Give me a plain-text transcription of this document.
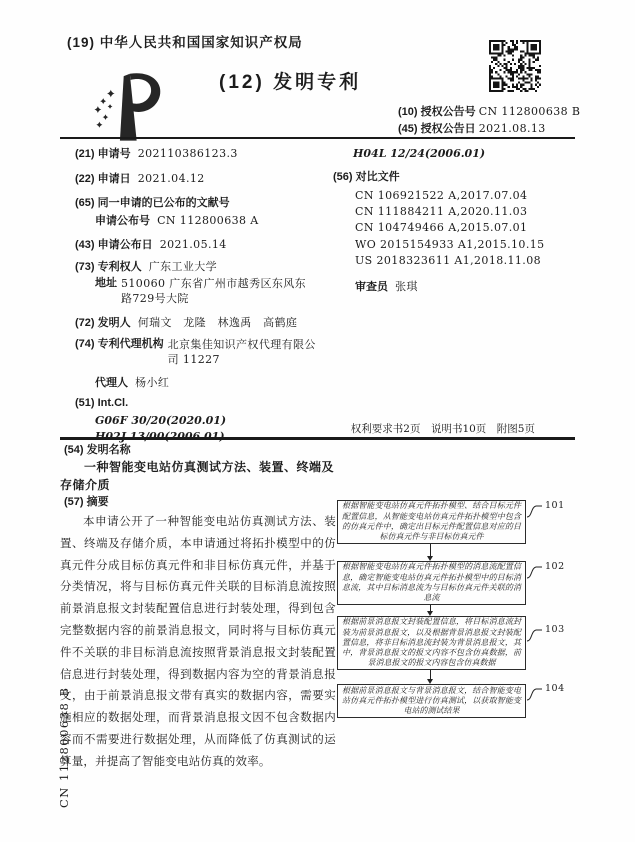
(19) 中华人民共和国国家知识产权局
(12) 发明专利
(10) 授权公告号 CN 112800638 B
(45) 授权公告日 2021.08.13
(21) 申请号 202110386123.3
(22) 申请日 2021.04.12
(65) 同一申请的已公布的文献号
申请公布号 CN 112800638 A
(43) 申请公布日 2021.05.14
(73) 专利权人 广东工业大学
地址 510060 广东省广州市越秀区东风东路729号大院
(72) 发明人 何瑞文　龙隆　林逸禹　高鹤庭
(74) 专利代理机构 北京集佳知识产权代理有限公司 11227
代理人 杨小红
(51) Int.Cl.
G06F 30/20(2020.01)
H04L 12/24(2006.01)
(56) 对比文件
CN 106921522 A,2017.07.04
CN 111884211 A,2020.11.03
CN 104749466 A,2015.07.01
WO 2015154933 A1,2015.10.15
US 2018323611 A1,2018.11.08
审查员 张琪
权利要求书2页　说明书10页　附图5页
(54) 发明名称
一种智能变电站仿真测试方法、装置、终端及存储介质
(57) 摘要
本申请公开了一种智能变电站仿真测试方法、装置、终端及存储介质，本申请通过将拓扑模型中的仿真元件分成目标仿真元件和非目标仿真元件，并基于分类情况，将与目标仿真元件关联的目标消息流按照前景消息报文封装配置信息进行封装处理，得到包含完整数据内容的前景消息报文，同时将与目标仿真元件不关联的非目标消息流按照背景消息报文封装配置信息进行封装处理，得到数据内容为空的背景消息报文，由于前景消息报文带有真实的数据内容，需要实施相应的数据处理，而背景消息报文因不包含数据内容而不需要进行数据处理，从而降低了仿真测试的运算量，并提高了智能变电站仿真的效率。
根据智能变电站仿真元件拓扑模型、结合目标元件配置信息，从智能变电站仿真元件拓扑模型中包含的仿真元件中，确定出目标元件配置信息对应的目标仿真元件与非目标仿真元件
根据智能变电站仿真元件拓扑模型的消息流配置信息，确定智能变电站仿真元件拓扑模型中的目标消息流，其中目标消息流为与目标仿真元件关联的消息流
根据前景消息报文封装配置信息，将目标消息流封装为前景消息报文，以及根据背景消息报文封装配置信息，将非目标消息流封装为背景消息报文，其中，背景消息报文的报文内容不包含仿真数据，前景消息报文的报文内容包含仿真数据
根据前景消息报文与背景消息报文，结合智能变电站仿真元件拓扑模型进行仿真测试，以获取智能变电站的测试结果
101
102
103
104
CN 112800638 B
